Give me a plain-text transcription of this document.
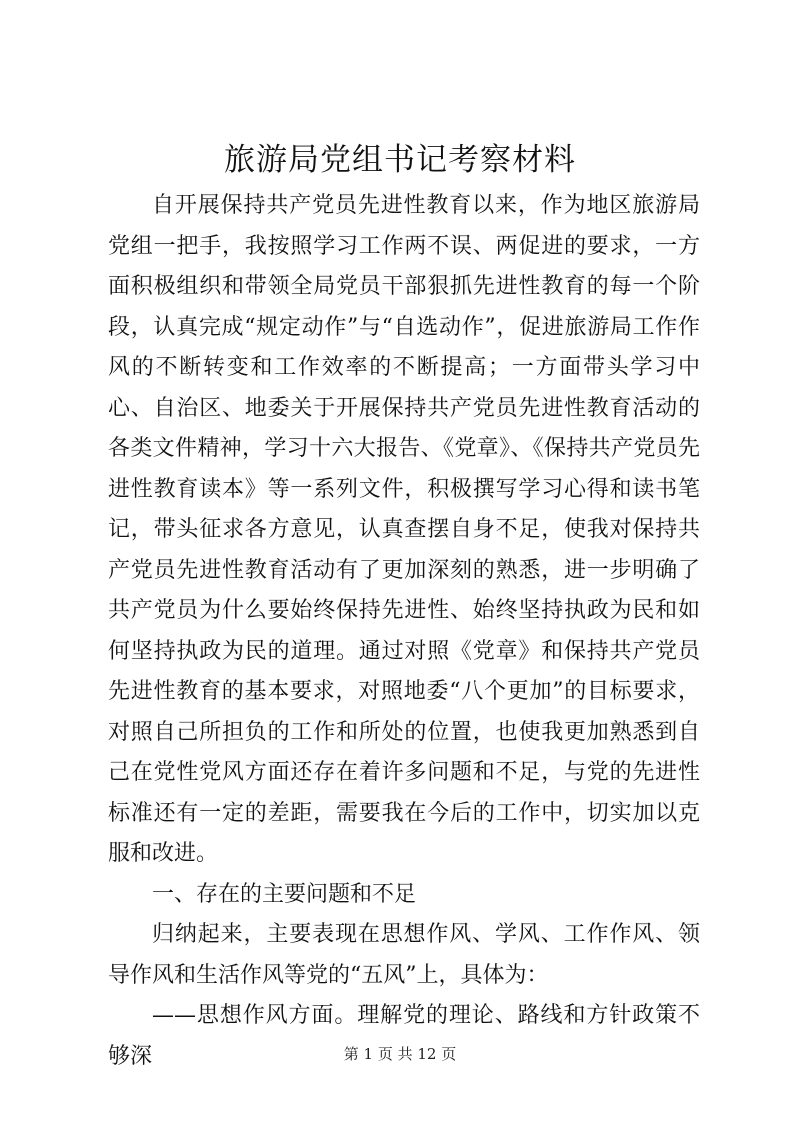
旅游局党组书记考察材料

自开展保持共产党员先进性教育以来，作为地区旅游局党组一把手，我按照学习工作两不误、两促进的要求，一方面积极组织和带领全局党员干部狠抓先进性教育的每一个阶段，认真完成“规定动作”与“自选动作”，促进旅游局工作作风的不断转变和工作效率的不断提高；一方面带头学习中心、自治区、地委关于开展保持共产党员先进性教育活动的各类文件精神，学习十六大报告、《党章》、《保持共产党员先进性教育读本》等一系列文件，积极撰写学习心得和读书笔记，带头征求各方意见，认真查摆自身不足，使我对保持共产党员先进性教育活动有了更加深刻的熟悉，进一步明确了共产党员为什么要始终保持先进性、始终坚持执政为民和如何坚持执政为民的道理。通过对照《党章》和保持共产党员先进性教育的基本要求，对照地委“八个更加”的目标要求，对照自己所担负的工作和所处的位置，也使我更加熟悉到自己在党性党风方面还存在着许多问题和不足，与党的先进性标准还有一定的差距，需要我在今后的工作中，切实加以克服和改进。

一、存在的主要问题和不足

归纳起来，主要表现在思想作风、学风、工作作风、领导作风和生活作风等党的“五风”上，具体为：

——思想作风方面。理解党的理论、路线和方针政策不够深	第 1 页 共 12 页
